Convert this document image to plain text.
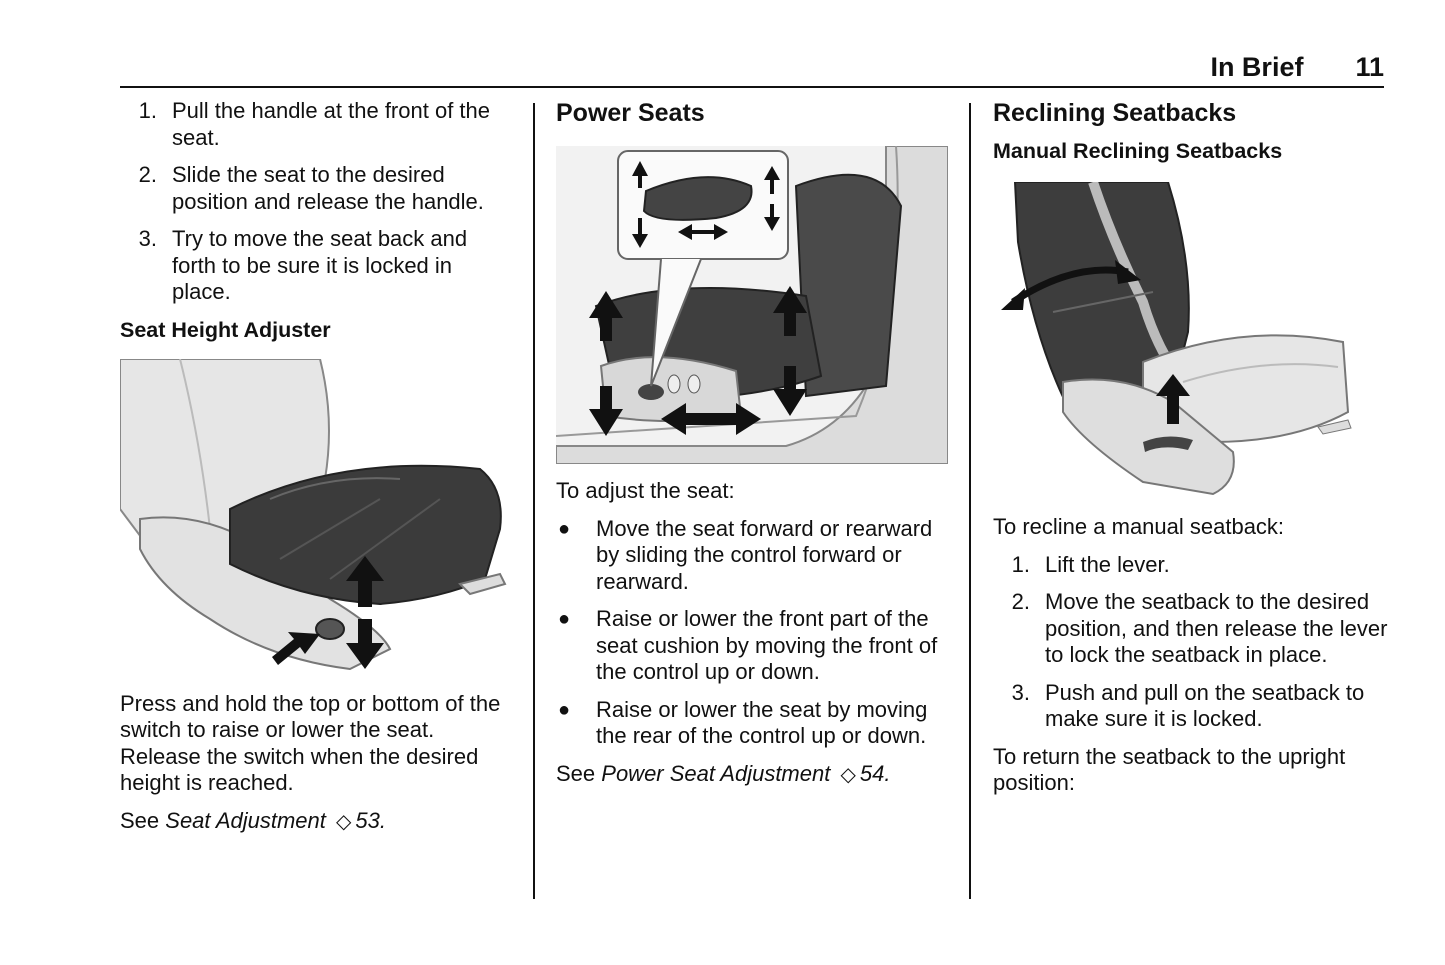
In Brief 11
1. Pull the handle at the front of the seat.
2. Slide the seat to the desired position and release the handle.
3. Try to move the seat back and forth to be sure it is locked in place.
Seat Height Adjuster

Press and hold the top or bottom of the switch to raise or lower the seat. Release the switch when the desired height is reached.

See Seat Adjustment ◇ 53.

Power Seats

To adjust the seat:

●	Move the seat forward or rearward by sliding the control forward or rearward.
●	Raise or lower the front part of the seat cushion by moving the front of the control up or down.
●	Raise or lower the seat by moving the rear of the control up or down.

See Power Seat Adjustment ◇ 54.

Reclining Seatbacks
Manual Reclining Seatbacks

To recline a manual seatback:

1. Lift the lever.
2. Move the seatback to the desired position, and then release the lever to lock the seatback in place.
3. Push and pull on the seatback to make sure it is locked.

To return the seatback to the upright position:
